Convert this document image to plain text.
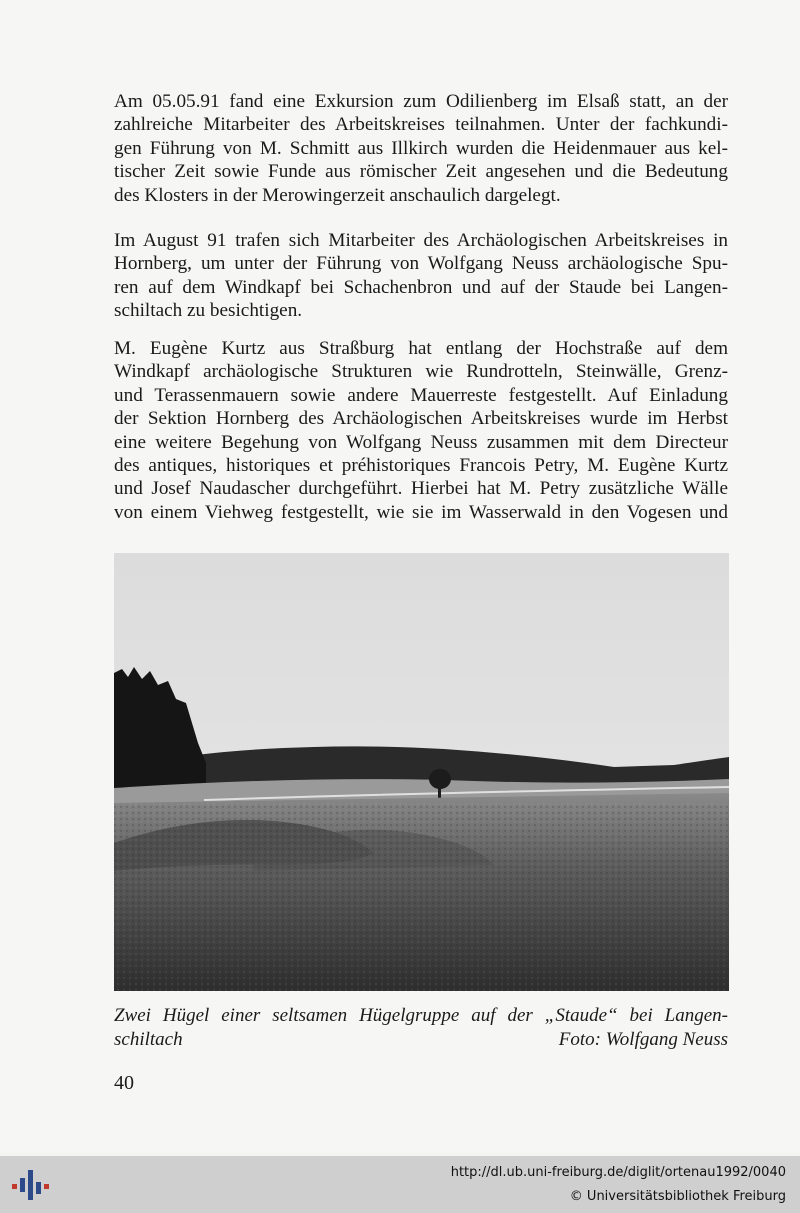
Am 05.05.91 fand eine Exkursion zum Odilienberg im Elsaß statt, an der
zahlreiche Mitarbeiter des Arbeitskreises teilnahmen. Unter der fachkundi-
gen Führung von M. Schmitt aus Illkirch wurden die Heidenmauer aus kel-
tischer Zeit sowie Funde aus römischer Zeit angesehen und die Bedeutung
des Klosters in der Merowingerzeit anschaulich dargelegt.
Im August 91 trafen sich Mitarbeiter des Archäologischen Arbeitskreises in
Hornberg, um unter der Führung von Wolfgang Neuss archäologische Spu-
ren auf dem Windkapf bei Schachenbron und auf der Staude bei Langen-
schiltach zu besichtigen.
M. Eugène Kurtz aus Straßburg hat entlang der Hochstraße auf dem
Windkapf archäologische Strukturen wie Rundrotteln, Steinwälle, Grenz-
und Terassenmauern sowie andere Mauerreste festgestellt. Auf Einladung
der Sektion Hornberg des Archäologischen Arbeitskreises wurde im Herbst
eine weitere Begehung von Wolfgang Neuss zusammen mit dem Directeur
des antiques, historiques et préhistoriques Francois Petry, M. Eugène Kurtz
und Josef Naudascher durchgeführt. Hierbei hat M. Petry zusätzliche Wälle
von einem Viehweg festgestellt, wie sie im Wasserwald in den Vogesen und
Zwei Hügel einer seltsamen Hügelgruppe auf der „Staude“ bei Langen-
schiltach	Foto: Wolfgang Neuss
40
http://dl.ub.uni-freiburg.de/diglit/ortenau1992/0040
© Universitätsbibliothek Freiburg
